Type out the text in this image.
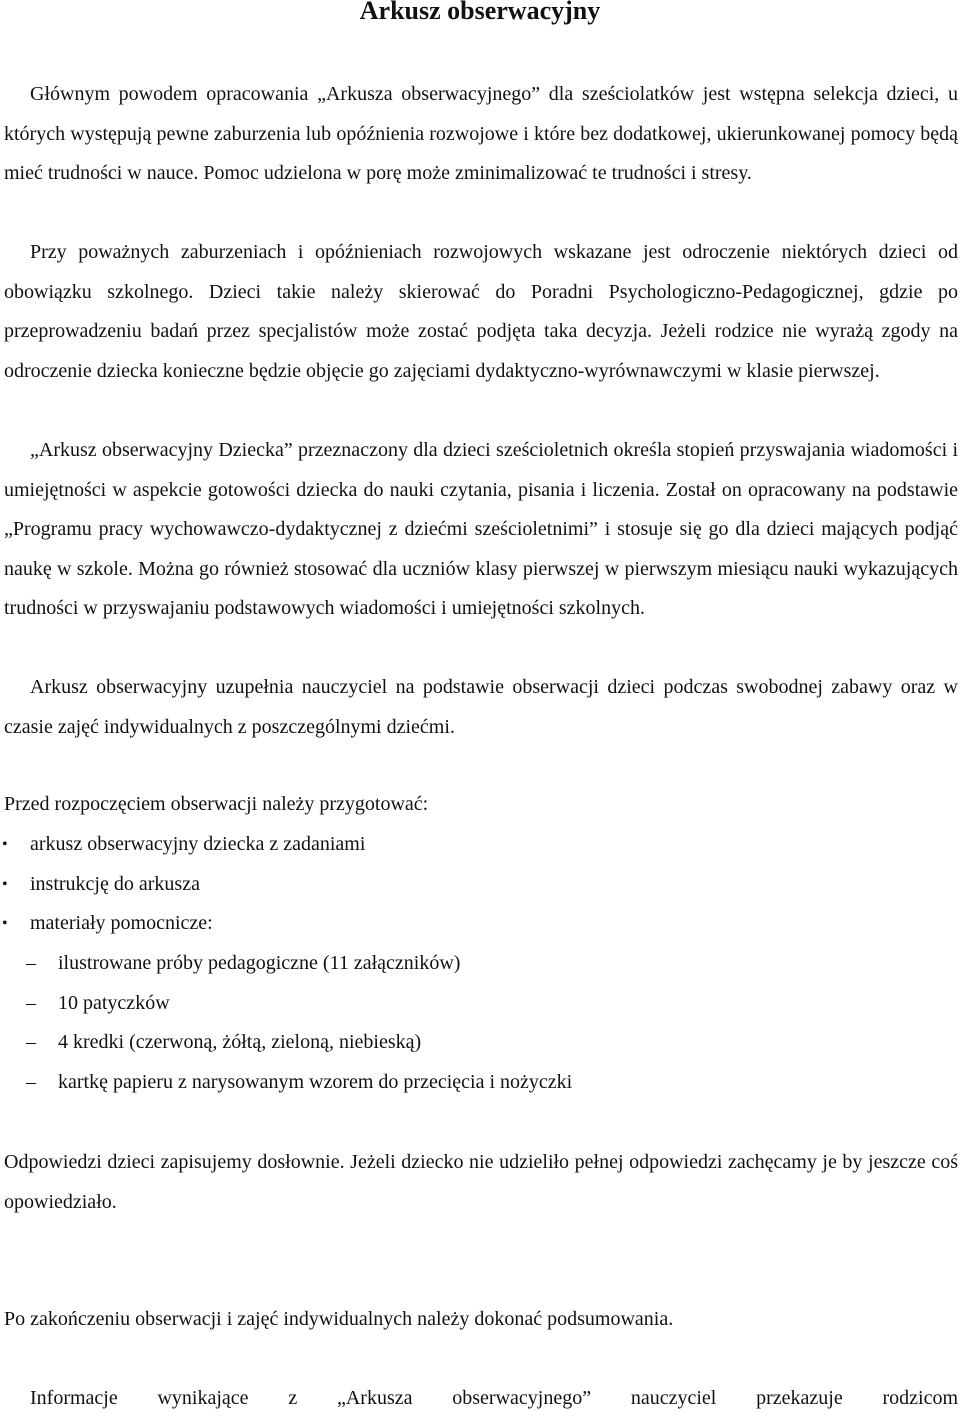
Arkusz obserwacyjny

Głównym powodem opracowania „Arkusza obserwacyjnego” dla sześciolatków jest wstępna selekcja dzieci, u których występują pewne zaburzenia lub opóźnienia rozwojowe i które bez dodatkowej, ukierunkowanej pomocy będą mieć trudności w nauce. Pomoc udzielona w porę może zminimalizować te trudności i stresy.

Przy poważnych zaburzeniach i opóźnieniach rozwojowych wskazane jest odroczenie niektórych dzieci od obowiązku szkolnego. Dzieci takie należy skierować do Poradni Psychologiczno-Pedagogicznej, gdzie po przeprowadzeniu badań przez specjalistów może zostać podjęta taka decyzja. Jeżeli rodzice nie wyrażą zgody na odroczenie dziecka konieczne będzie objęcie go zajęciami dydaktyczno-wyrównawczymi w klasie pierwszej.

„Arkusz obserwacyjny Dziecka” przeznaczony dla dzieci sześcioletnich określa stopień przyswajania wiadomości i umiejętności w aspekcie gotowości dziecka do nauki czytania, pisania i liczenia. Został on opracowany na podstawie „Programu pracy wychowawczo-dydaktycznej z dziećmi sześcioletnimi” i stosuje się go dla dzieci mających podjąć naukę w szkole. Można go również stosować dla uczniów klasy pierwszej w pierwszym miesiącu nauki wykazujących trudności w przyswajaniu podstawowych wiadomości i umiejętności szkolnych.

Arkusz obserwacyjny uzupełnia nauczyciel na podstawie obserwacji dzieci podczas swobodnej zabawy oraz w czasie zajęć indywidualnych z poszczególnymi dziećmi.

Przed rozpoczęciem obserwacji należy przygotować:

• arkusz obserwacyjny dziecka z zadaniami
• instrukcję do arkusza
• materiały pomocnicze:
– ilustrowane próby pedagogiczne (11 załączników)
– 10 patyczków
– 4 kredki (czerwoną, żółtą, zieloną, niebieską)
– kartkę papieru z narysowanym wzorem do przecięcia i nożyczki

Odpowiedzi dzieci zapisujemy dosłownie. Jeżeli dziecko nie udzieliło pełnej odpowiedzi zachęcamy je by jeszcze coś opowiedziało.

Po zakończeniu obserwacji i zajęć indywidualnych należy dokonać podsumowania.

Informacje wynikające z „Arkusza obserwacyjnego” nauczyciel przekazuje rodzicom
